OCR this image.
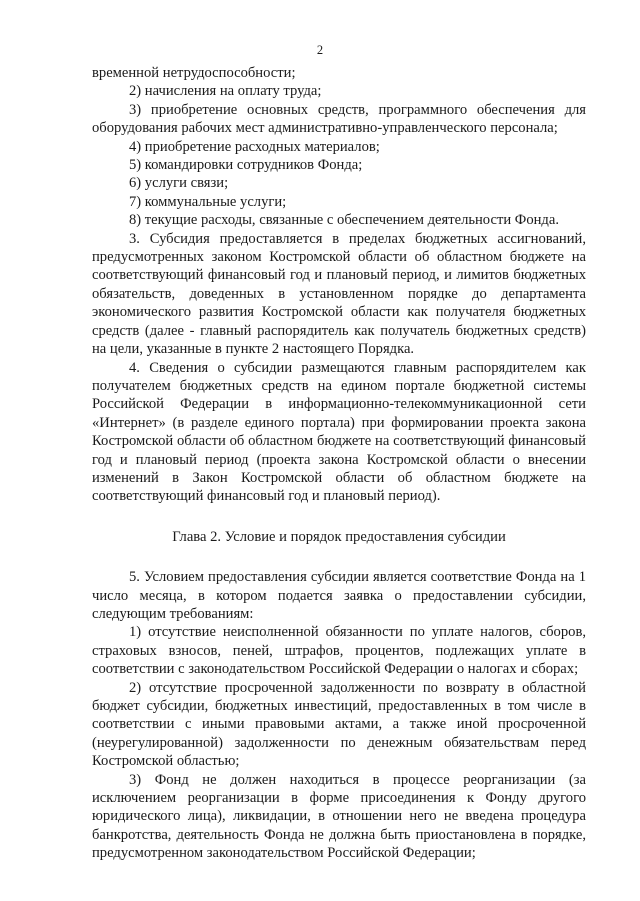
2

временной нетрудоспособности;

2) начисления на оплату труда;

3) приобретение основных средств, программного обеспечения для оборудования рабочих мест административно-управленческого персонала;

4) приобретение расходных материалов;

5) командировки сотрудников Фонда;

6) услуги связи;

7) коммунальные услуги;

8) текущие расходы, связанные с обеспечением деятельности Фонда.

3. Субсидия предоставляется в пределах бюджетных ассигнований, предусмотренных законом Костромской области об областном бюджете на соответствующий финансовый год и плановый период, и лимитов бюджетных обязательств, доведенных в установленном порядке до департамента экономического развития Костромской области как получателя бюджетных средств (далее - главный распорядитель как получатель бюджетных средств) на цели, указанные в пункте 2 настоящего Порядка.

4. Сведения о субсидии размещаются главным распорядителем как получателем бюджетных средств на едином портале бюджетной системы Российской Федерации в информационно-телекоммуникационной сети «Интернет» (в разделе единого портала) при формировании проекта закона Костромской области об областном бюджете на соответствующий финансовый год и плановый период (проекта закона Костромской области о внесении изменений в Закон Костромской области об областном бюджете на соответствующий финансовый год и плановый период).

Глава 2. Условие и порядок предоставления субсидии

5. Условием предоставления субсидии является соответствие Фонда на 1 число месяца, в котором подается заявка о предоставлении субсидии, следующим требованиям:

1) отсутствие неисполненной обязанности по уплате налогов, сборов, страховых взносов, пеней, штрафов, процентов, подлежащих уплате в соответствии с законодательством Российской Федерации о налогах и сборах;

2) отсутствие просроченной задолженности по возврату в областной бюджет субсидии, бюджетных инвестиций, предоставленных в том числе в соответствии с иными правовыми актами, а также иной просроченной (неурегулированной) задолженности по денежным обязательствам перед Костромской областью;

3) Фонд не должен находиться в процессе реорганизации (за исключением реорганизации в форме присоединения к Фонду другого юридического лица), ликвидации, в отношении него не введена процедура банкротства, деятельность Фонда не должна быть приостановлена в порядке, предусмотренном законодательством Российской Федерации;
